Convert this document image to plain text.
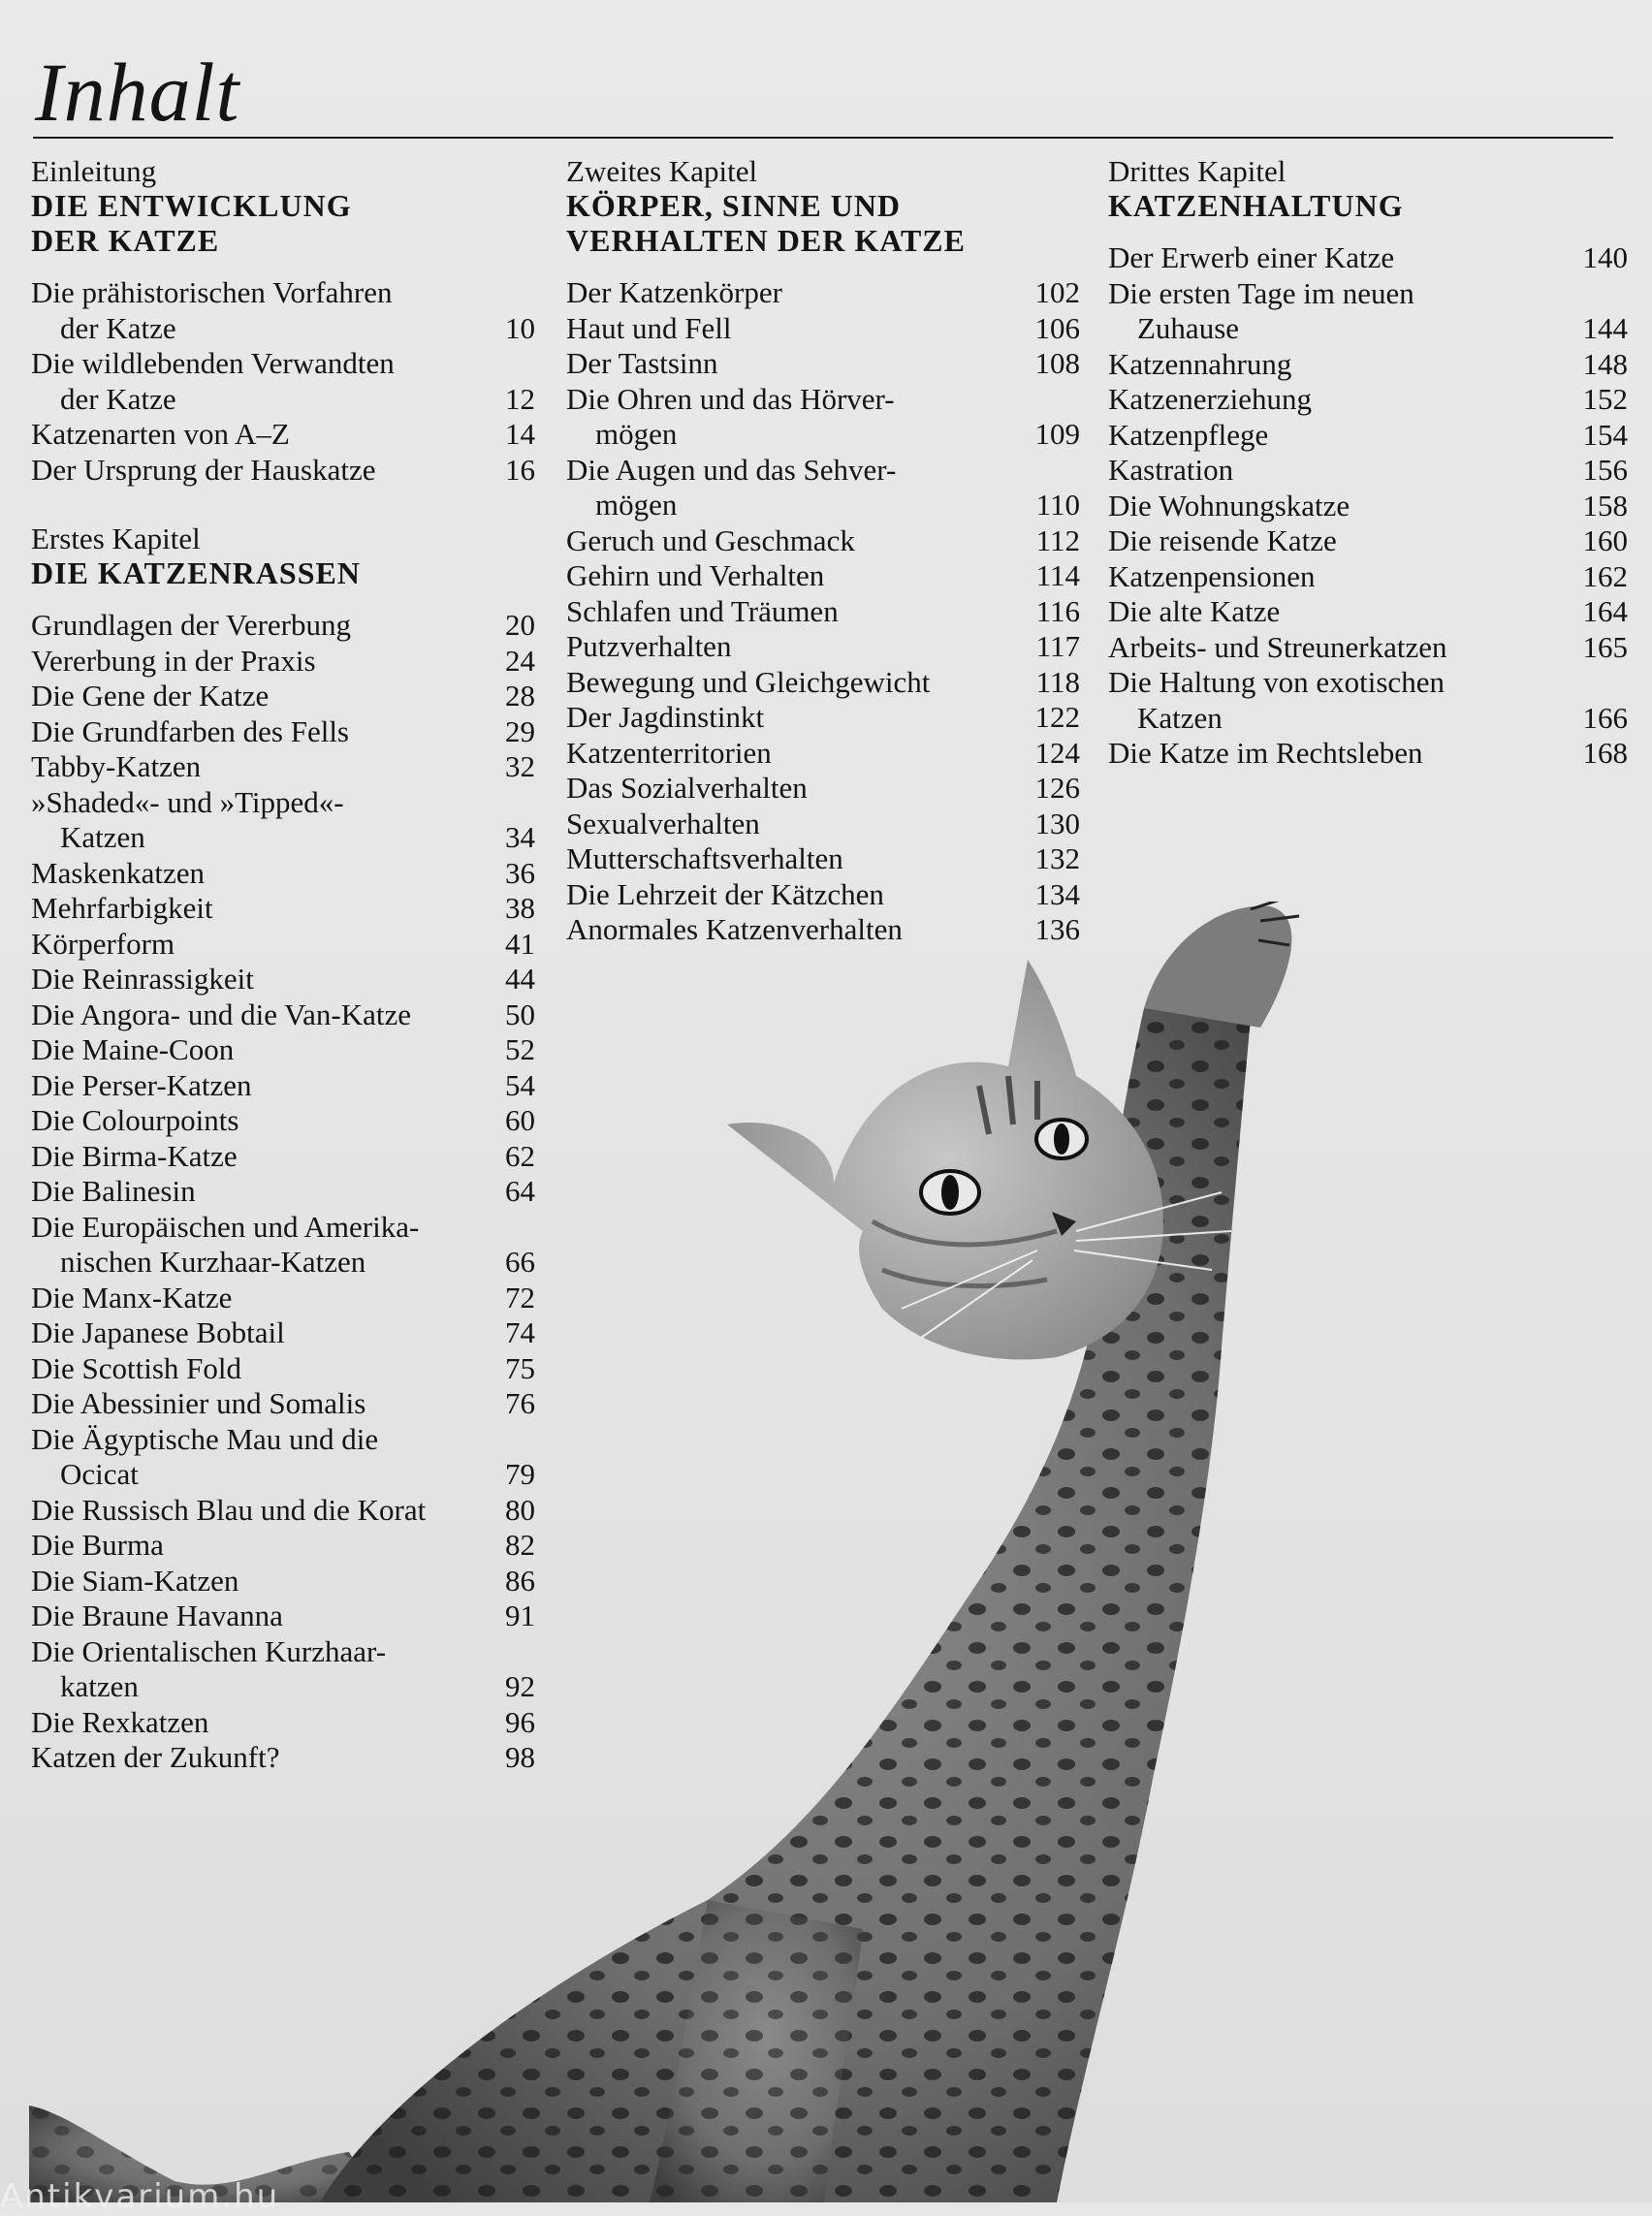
Inhalt
Einleitung
DIE ENTWICKLUNG
DER KATZE
Die prähistorischen Vorfahren
der Katze	10
Die wildlebenden Verwandten
der Katze	12
Katzenarten von A–Z	14
Der Ursprung der Hauskatze	16
Erstes Kapitel
DIE KATZENRASSEN
Grundlagen der Vererbung	20
Vererbung in der Praxis	24
Die Gene der Katze	28
Die Grundfarben des Fells	29
Tabby-Katzen	32
»Shaded«- und »Tipped«-
Katzen	34
Maskenkatzen	36
Mehrfarbigkeit	38
Körperform	41
Die Reinrassigkeit	44
Die Angora- und die Van-Katze	50
Die Maine-Coon	52
Die Perser-Katzen	54
Die Colourpoints	60
Die Birma-Katze	62
Die Balinesin	64
Die Europäischen und Amerika-
nischen Kurzhaar-Katzen	66
Die Manx-Katze	72
Die Japanese Bobtail	74
Die Scottish Fold	75
Die Abessinier und Somalis	76
Die Ägyptische Mau und die
Ocicat	79
Die Russisch Blau und die Korat	80
Die Burma	82
Die Siam-Katzen	86
Die Braune Havanna	91
Die Orientalischen Kurzhaar-
katzen	92
Die Rexkatzen	96
Katzen der Zukunft?	98
Zweites Kapitel
KÖRPER, SINNE UND
VERHALTEN DER KATZE
Der Katzenkörper	102
Haut und Fell	106
Der Tastsinn	108
Die Ohren und das Hörver-
mögen	109
Die Augen und das Sehver-
mögen	110
Geruch und Geschmack	112
Gehirn und Verhalten	114
Schlafen und Träumen	116
Putzverhalten	117
Bewegung und Gleichgewicht	118
Der Jagdinstinkt	122
Katzenterritorien	124
Das Sozialverhalten	126
Sexualverhalten	130
Mutterschaftsverhalten	132
Die Lehrzeit der Kätzchen	134
Anormales Katzenverhalten	136
Drittes Kapitel
KATZENHALTUNG
Der Erwerb einer Katze	140
Die ersten Tage im neuen
Zuhause	144
Katzennahrung	148
Katzenerziehung	152
Katzenpflege	154
Kastration	156
Die Wohnungskatze	158
Die reisende Katze	160
Katzenpensionen	162
Die alte Katze	164
Arbeits- und Streunerkatzen	165
Die Haltung von exotischen
Katzen	166
Die Katze im Rechtsleben	168
Antikvarium.hu
